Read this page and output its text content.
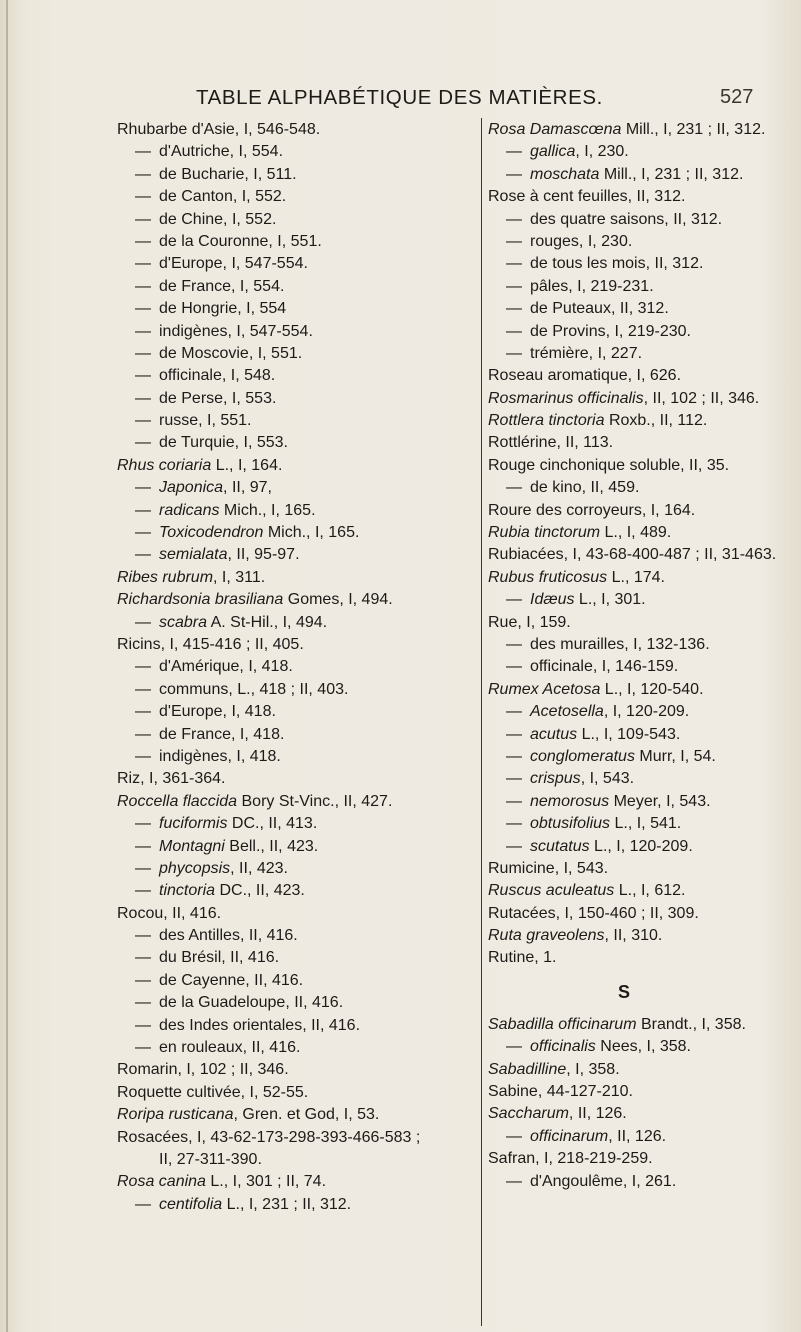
TABLE ALPHABÉTIQUE DES MATIÈRES.	527
Rhubarbe d'Asie, I, 546-548.
— d'Autriche, I, 554.
— de Bucharie, I, 511.
— de Canton, I, 552.
— de Chine, I, 552.
— de la Couronne, I, 551.
— d'Europe, I, 547-554.
— de France, I, 554.
— de Hongrie, I, 554
— indigènes, I, 547-554.
— de Moscovie, I, 551.
— officinale, I, 548.
— de Perse, I, 553.
— russe, I, 551.
— de Turquie, I, 553.
Rhus coriaria L., I, 164.
— Japonica, II, 97,
— radicans Mich., I, 165.
— Toxicodendron Mich., I, 165.
— semialata, II, 95-97.
Ribes rubrum, I, 311.
Richardsonia brasiliana Gomes, I, 494.
— scabra A. St-Hil., I, 494.
Ricins, I, 415-416 ; II, 405.
— d'Amérique, I, 418.
— communs, L., 418 ; II, 403.
— d'Europe, I, 418.
— de France, I, 418.
— indigènes, I, 418.
Riz, I, 361-364.
Roccella flaccida Bory St-Vinc., II, 427.
— fuciformis DC., II, 413.
— Montagni Bell., II, 423.
— phycopsis, II, 423.
— tinctoria DC., II, 423.
Rocou, II, 416.
— des Antilles, II, 416.
— du Brésil, II, 416.
— de Cayenne, II, 416.
— de la Guadeloupe, II, 416.
— des Indes orientales, II, 416.
— en rouleaux, II, 416.
Romarin, I, 102 ; II, 346.
Roquette cultivée, I, 52-55.
Roripa rusticana, Gren. et God, I, 53.
Rosacées, I, 43-62-173-298-393-466-583 ;
II, 27-311-390.
Rosa canina L., I, 301 ; II, 74.
— centifolia L., I, 231 ; II, 312.
Rosa Damascœna Mill., I, 231 ; II, 312.
— gallica, I, 230.
— moschata Mill., I, 231 ; II, 312.
Rose à cent feuilles, II, 312.
— des quatre saisons, II, 312.
— rouges, I, 230.
— de tous les mois, II, 312.
— pâles, I, 219-231.
— de Puteaux, II, 312.
— de Provins, I, 219-230.
— trémière, I, 227.
Roseau aromatique, I, 626.
Rosmarinus officinalis, II, 102 ; II, 346.
Rottlera tinctoria Roxb., II, 112.
Rottlérine, II, 113.
Rouge cinchonique soluble, II, 35.
— de kino, II, 459.
Roure des corroyeurs, I, 164.
Rubia tinctorum L., I, 489.
Rubiacées, I, 43-68-400-487 ; II, 31-463.
Rubus fruticosus L., 174.
— Idæus L., I, 301.
Rue, I, 159.
— des murailles, I, 132-136.
— officinale, I, 146-159.
Rumex Acetosa L., I, 120-540.
— Acetosella, I, 120-209.
— acutus L., I, 109-543.
— conglomeratus Murr, I, 54.
— crispus, I, 543.
— nemorosus Meyer, I, 543.
— obtusifolius L., I, 541.
— scutatus L., I, 120-209.
Rumicine, I, 543.
Ruscus aculeatus L., I, 612.
Rutacées, I, 150-460 ; II, 309.
Ruta graveolens, II, 310.
Rutine, 1.
S
Sabadilla officinarum Brandt., I, 358.
— officinalis Nees, I, 358.
Sabadilline, I, 358.
Sabine, 44-127-210.
Saccharum, II, 126.
— officinarum, II, 126.
Safran, I, 218-219-259.
— d'Angoulême, I, 261.
